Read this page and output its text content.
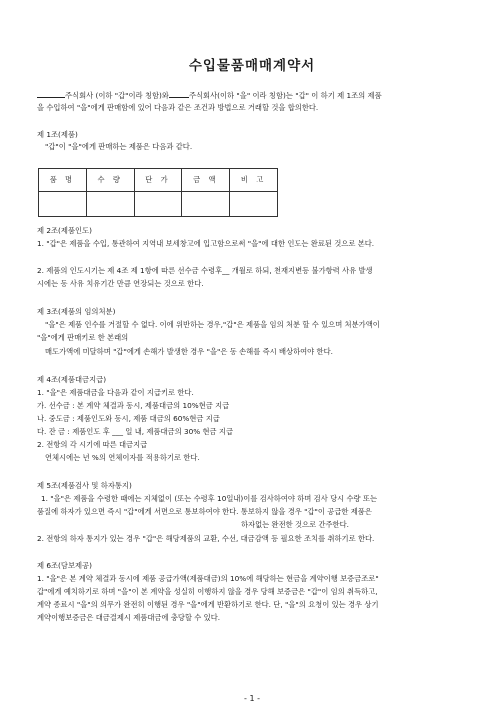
수입물품매매계약서
주식회사 (이하 "갑"이라 칭함)와	주식회사(이하 "을" 이라 칭함)는 "갑" 이 하기 제 1조의 제품
을 수입하여 "을"에게 판매함에 있어 다음과 같은 조건과 방법으로 거래할 것을 합의한다.
제 1조(제품)
"갑"이 "을"에게 판매하는 제품은 다음과 같다.
품 명	수 량	단 가	금 액	비 고

제 2조(제품인도)
1. "갑"은 제품을 수입, 통관하여 지역내 보세창고에 입고함으로써 "을"에 대한 인도는 완료된 것으로 본다.
2. 제품의 인도시기는 제 4조 제 1항에 따른 선수금 수령후__ 개월로 하되, 천재지변등 불가항력 사유 발생
시에는 동 사유 치유기간 만큼 연장되는 것으로 한다.
제 3조(제품의 임의처분)
"을"은 제품 인수를 거절할 수 없다. 이에 위반하는 경우,"갑"은 제품을 임의 처분 할 수 있으며 처분가액이
"을"에게 판매키로 한 본래의
매도가액에 미달하며 "갑"에게 손해가 발생한 경우 "을"은 동 손해를 즉시 배상하여야 한다.
제 4조(제품대금지급)
1. "을"은 제품대금을 다음과 같이 지급키로 한다.
가. 선수금 : 본 계약 체결과 동시, 제품대금의 10%현금 지급
나. 중도금 : 제품인도와 동시, 제품 대금의 60%현금 지급
다. 잔 금 : 제품인도 후 ___ 일 내, 제품대금의 30% 현금 지급
2. 전항의 각 시기에 따른 대금지급
연체시에는 년 %의 연체이자를 적용하기로 한다.
제 5조(제품검사 및 하자통지)
1. "을"은 제품을 수령한 때에는 지체없이 (또는 수령후 10일내)이를 검사하여야 하며 검사 당시 수량 또는
품질에 하자가 있으면 즉시 "갑"에게 서면으로 통보하여야 한다. 통보하지 않을 경우 "갑"이 공급한 제품은
하자없는 완전한 것으로 간주한다.
2. 전항의 하자 통지가 있는 경우 "갑"은 해당제품의 교환, 수선, 대금감액 등 필요한 조치를 취하기로 한다.
제 6조(담보제공)
1. "을"은 본 계약 체결과 동시에 제품 공급가액(제품대금)의 10%에 해당하는 현금을 계약이행 보증금조로"
갑"에게 예치하기로 하며 "을"이 본 계약을 성실히 이행하지 않을 경우 당해 보증금은 "갑"이 임의 취득하고,
계약 종료시 "을"의 의무가 완전히 이행된 경우 "을"에게 반환하기로 한다. 단, "을"의 요청이 있는 경우 상기
계약이행보증금은 대금결제시 제품대금에 충당할 수 있다.
- 1 -
